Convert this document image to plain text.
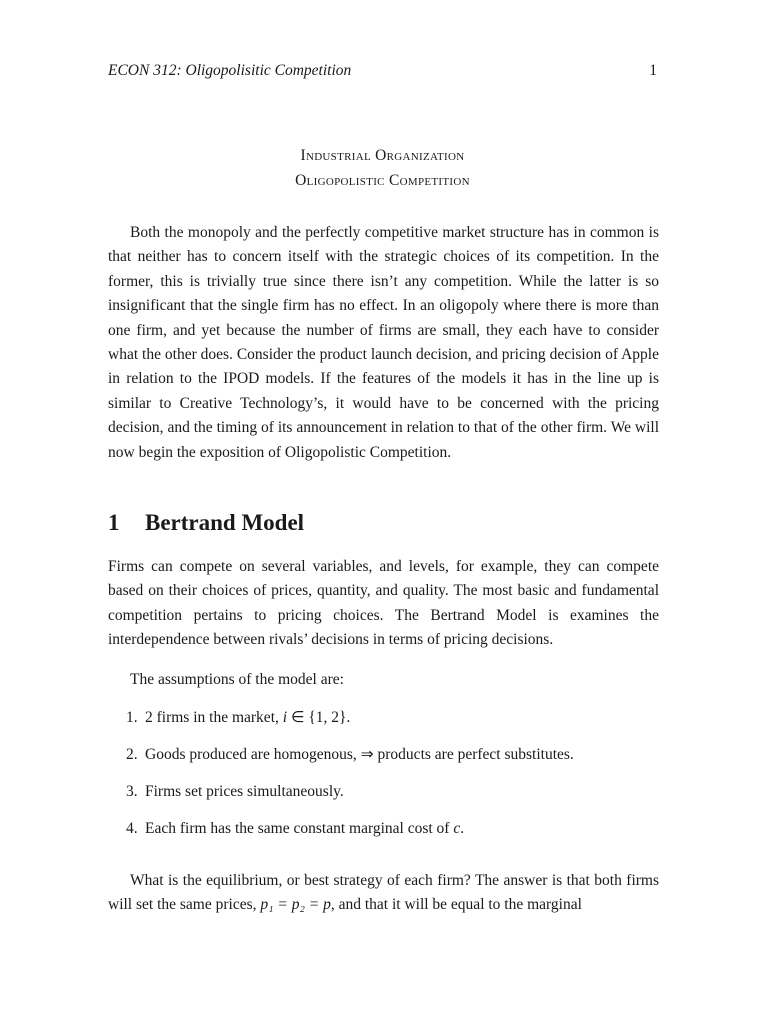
ECON 312: Oligopolisitic Competition	1
Industrial Organization
Oligopolistic Competition

Both the monopoly and the perfectly competitive market structure has in common is that neither has to concern itself with the strategic choices of its competition. In the former, this is trivially true since there isn’t any competition. While the latter is so insignificant that the single firm has no effect. In an oligopoly where there is more than one firm, and yet because the number of firms are small, they each have to consider what the other does. Consider the product launch decision, and pricing decision of Apple in relation to the IPOD models. If the features of the models it has in the line up is similar to Creative Technology’s, it would have to be concerned with the pricing decision, and the timing of its announcement in relation to that of the other firm. We will now begin the exposition of Oligopolistic Competition.

1 Bertrand Model

Firms can compete on several variables, and levels, for example, they can compete based on their choices of prices, quantity, and quality. The most basic and fundamental competition pertains to pricing choices. The Bertrand Model is examines the interdependence between rivals’ decisions in terms of pricing decisions.

The assumptions of the model are:

1. 2 firms in the market, i ∈ {1, 2}.
2. Goods produced are homogenous, ⇒ products are perfect substitutes.
3. Firms set prices simultaneously.
4. Each firm has the same constant marginal cost of c.

What is the equilibrium, or best strategy of each firm? The answer is that both firms will set the same prices, p₁ = p₂ = p, and that it will be equal to the marginal
